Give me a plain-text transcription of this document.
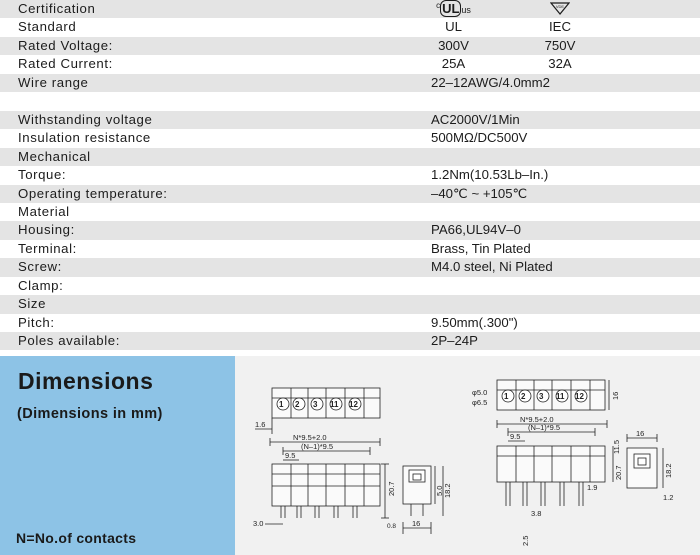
Certification	$^c$ UL us	VDE
Standard	UL	IEC
Rated Voltage:	300V	750V
Rated Current:	25A	32A
Wire range	22–12AWG/4.0mm2
Withstanding voltage	AC2000V/1Min
Insulation resistance	500MΩ/DC500V
Mechanical
Torque:	1.2Nm(10.53Lb–In.)
Operating temperature:	–40℃ ~ +105℃
Material
Housing:	PA66,UL94V–0
Terminal:	Brass, Tin Plated
Screw:	M4.0 steel, Ni Plated
Clamp:
Size
Pitch:	9.50mm(.300")
Poles available:	2P–24P
Dimensions
(Dimensions in mm)
N=No.of contacts
1 2 3 11 12
1.6
N*9.5+2.0
(N–1)*9.5
9.5
20.7
0.8
3.0	16
5.0 18.2
1 2 3 11 12
φ5.0
φ6.5
16
N*9.5+2.0
(N–1)*9.5
9.5
20.7
1.9
3.8
2.5
11.5
16
18.2
1.2
